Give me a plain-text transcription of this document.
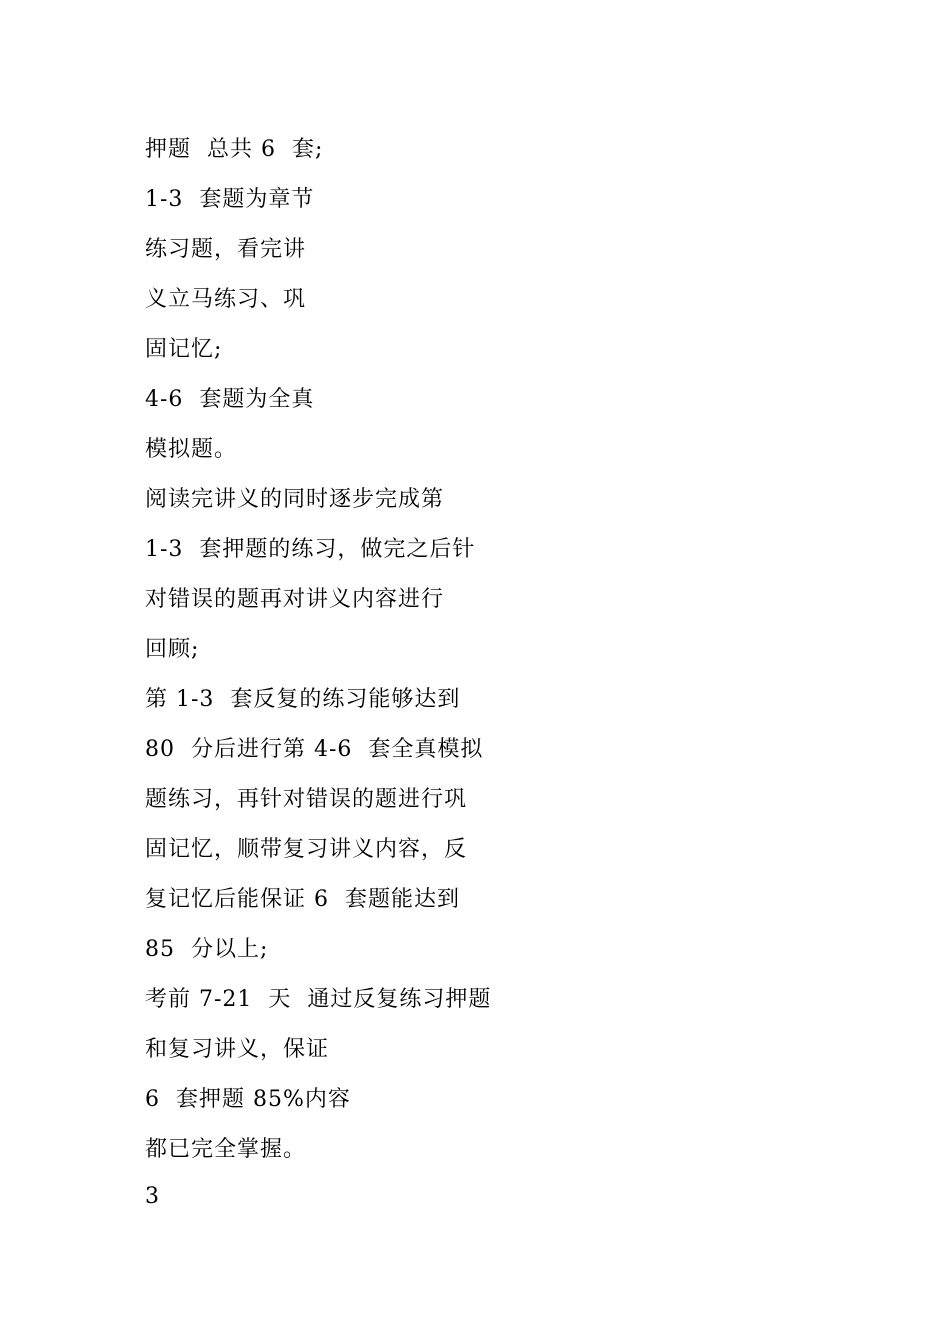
押题  总共 6  套;
1-3  套题为章节
练习题，看完讲
义立马练习、巩
固记忆;
4-6  套题为全真
模拟题。
阅读完讲义的同时逐步完成第
1-3  套押题的练习，做完之后针
对错误的题再对讲义内容进行
回顾;
第 1-3  套反复的练习能够达到
80  分后进行第 4-6  套全真模拟
题练习，再针对错误的题进行巩
固记忆，顺带复习讲义内容，反
复记忆后能保证 6  套题能达到
85  分以上;
考前 7-21  天  通过反复练习押题
和复习讲义，保证
6  套押题 85%内容
都已完全掌握。
3
